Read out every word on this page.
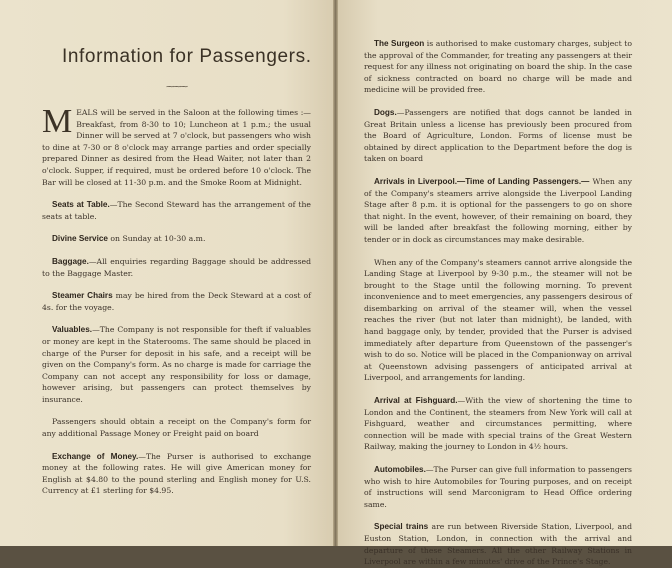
Information for Passengers.
⁓⁓⁓

MEALS will be served in the Saloon at the following times :— Breakfast, from 8-30 to 10; Luncheon at 1 p.m.; the usual Dinner will be served at 7 o'clock, but passengers who wish to dine at 7-30 or 8 o'clock may arrange parties and order specially prepared Dinner as desired from the Head Waiter, not later than 2 o'clock. Supper, if required, must be ordered before 10 o'clock. The Bar will be closed at 11-30 p.m. and the Smoke Room at Midnight.

Seats at Table.—The Second Steward has the arrangement of the seats at table.

Divine Service on Sunday at 10-30 a.m.

Baggage.—All enquiries regarding Baggage should be addressed to the Baggage Master.

Steamer Chairs may be hired from the Deck Steward at a cost of 4s. for the voyage.

Valuables.—The Company is not responsible for theft if valuables or money are kept in the Staterooms. The same should be placed in charge of the Purser for deposit in his safe, and a receipt will be given on the Company's form. As no charge is made for carriage the Company can not accept any responsibility for loss or damage, however arising, but passengers can protect themselves by insurance.

Passengers should obtain a receipt on the Company's form for any additional Passage Money or Freight paid on board

Exchange of Money.—The Purser is authorised to exchange money at the following rates. He will give American money for English at $4.80 to the pound sterling and English money for U.S. Currency at £1 sterling for $4.95.

The Surgeon is authorised to make customary charges, subject to the approval of the Commander, for treating any passengers at their request for any illness not originating on board the ship. In the case of sickness contracted on board no charge will be made and medicine will be provided free.

Dogs.—Passengers are notified that dogs cannot be landed in Great Britain unless a license has previously been procured from the Board of Agriculture, London. Forms of license must be obtained by direct application to the Department before the dog is taken on board

Arrivals in Liverpool.—Time of Landing Passengers.— When any of the Company's steamers arrive alongside the Liverpool Landing Stage after 8 p.m. it is optional for the passengers to go on shore that night. In the event, however, of their remaining on board, they will be landed after breakfast the following morning, either by tender or in dock as circumstances may make desirable.

When any of the Company's steamers cannot arrive alongside the Landing Stage at Liverpool by 9-30 p.m., the steamer will not be brought to the Stage until the following morning. To prevent inconvenience and to meet emergencies, any passengers desirous of disembarking on arrival of the steamer will, when the vessel reaches the river (but not later than midnight), be landed, with hand baggage only, by tender, provided that the Purser is advised immediately after departure from Queenstown of the passenger's wish to do so. Notice will be placed in the Companionway on arrival at Queenstown advising passengers of anticipated arrival at Liverpool, and arrangements for landing.

Arrival at Fishguard.—With the view of shortening the time to London and the Continent, the steamers from New York will call at Fishguard, weather and circumstances permitting, where connection will be made with special trains of the Great Western Railway, making the journey to London in 4½ hours.

Automobiles.—The Purser can give full information to passengers who wish to hire Automobiles for Touring purposes, and on receipt of instructions will send Marconigram to Head Office ordering same.

Special trains are run between Riverside Station, Liverpool, and Euston Station, London, in connection with the arrival and departure of these Steamers. All the other Railway Stations in Liverpool are within a few minutes' drive of the Prince's Stage.
